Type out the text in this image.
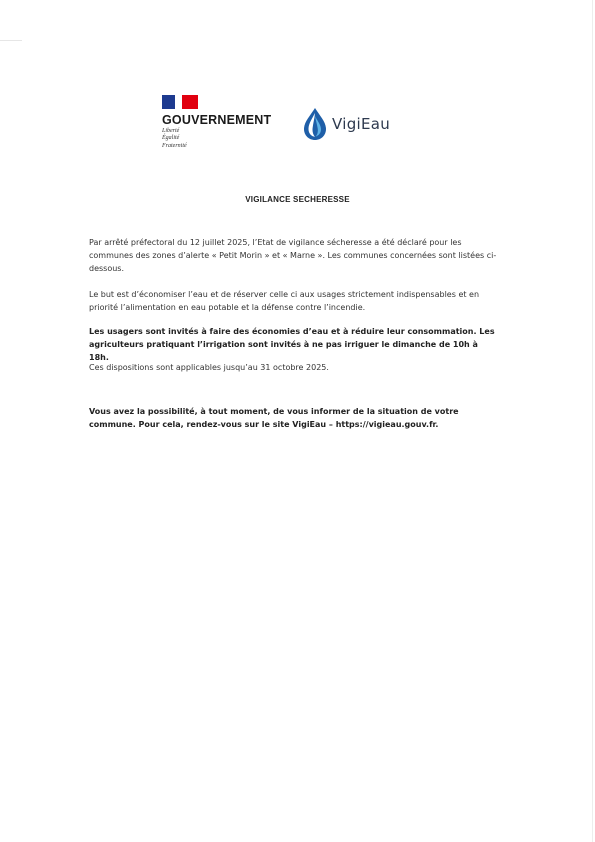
GOUVERNEMENT
Liberté
Égalité
Fraternité
VigiEau
VIGILANCE SECHERESSE

Par arrêté préfectoral du 12 juillet 2025, l’Etat de vigilance sécheresse a été déclaré pour les communes des zones d’alerte « Petit Morin » et « Marne ». Les communes concernées sont listées ci-dessous.

Le but est d’économiser l’eau et de réserver celle ci aux usages strictement indispensables et en priorité l’alimentation en eau potable et la défense contre l’incendie.

Les usagers sont invités à faire des économies d’eau et à réduire leur consommation. Les agriculteurs pratiquant l’irrigation sont invités à ne pas irriguer le dimanche de 10h à 18h.

Ces dispositions sont applicables jusqu’au 31 octobre 2025.

Vous avez la possibilité, à tout moment, de vous informer de la situation de votre commune. Pour cela, rendez-vous sur le site VigiEau – https://vigieau.gouv.fr.
